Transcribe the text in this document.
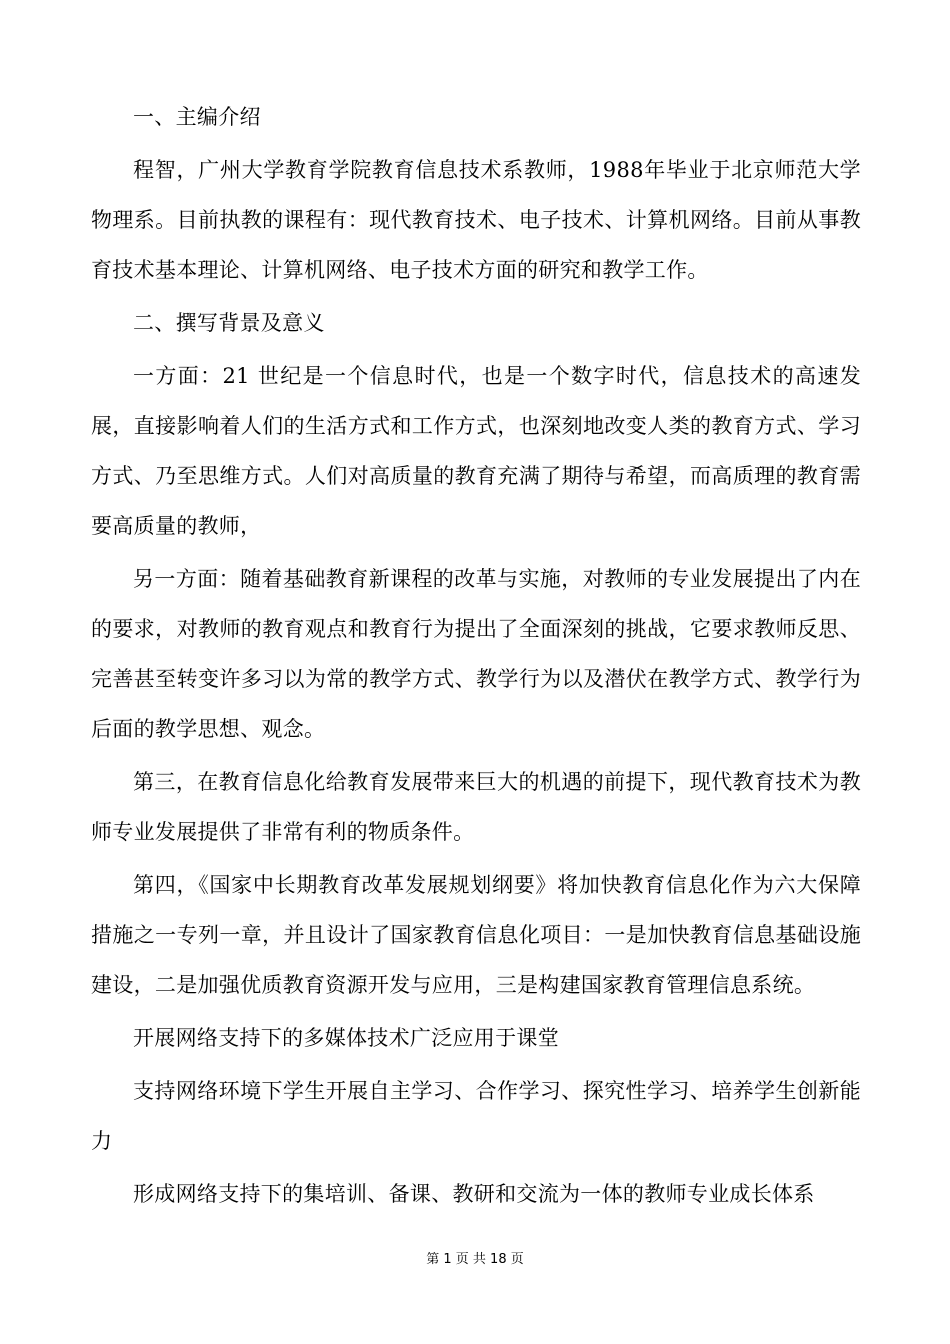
一、主编介绍

程智，广州大学教育学院教育信息技术系教师，1988年毕业于北京师范大学物理系。目前执教的课程有：现代教育技术、电子技术、计算机网络。目前从事教育技术基本理论、计算机网络、电子技术方面的研究和教学工作。

二、撰写背景及意义

一方面：21 世纪是一个信息时代，也是一个数字时代，信息技术的高速发展，直接影响着人们的生活方式和工作方式，也深刻地改变人类的教育方式、学习方式、乃至思维方式。人们对高质量的教育充满了期待与希望，而高质理的教育需要高质量的教师，

另一方面：随着基础教育新课程的改革与实施，对教师的专业发展提出了内在的要求，对教师的教育观点和教育行为提出了全面深刻的挑战，它要求教师反思、完善甚至转变许多习以为常的教学方式、教学行为以及潜伏在教学方式、教学行为后面的教学思想、观念。

第三，在教育信息化给教育发展带来巨大的机遇的前提下，现代教育技术为教师专业发展提供了非常有利的物质条件。

第四，《国家中长期教育改革发展规划纲要》将加快教育信息化作为六大保障措施之一专列一章，并且设计了国家教育信息化项目：一是加快教育信息基础设施建设，二是加强优质教育资源开发与应用，三是构建国家教育管理信息系统。

开展网络支持下的多媒体技术广泛应用于课堂

支持网络环境下学生开展自主学习、合作学习、探究性学习、培养学生创新能力

形成网络支持下的集培训、备课、教研和交流为一体的教师专业成长体系

第 1 页 共 18 页
